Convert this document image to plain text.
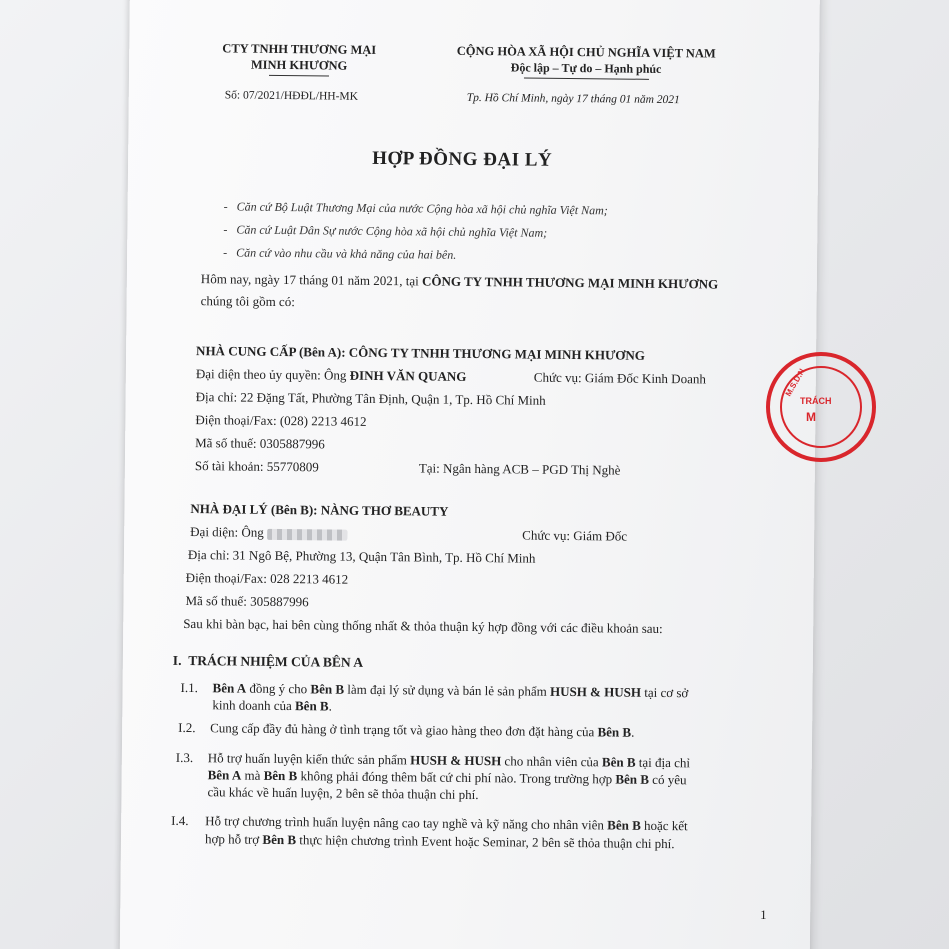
CTY TNHH THƯƠNG MẠI
MINH KHƯƠNG
CỘNG HÒA XÃ HỘI CHỦ NGHĨA VIỆT NAM
Độc lập – Tự do – Hạnh phúc
Số: 07/2021/HĐĐL/HH-MK	Tp. Hồ Chí Minh, ngày 17 tháng 01 năm 2021
HỢP ĐỒNG ĐẠI LÝ
-   Căn cứ Bộ Luật Thương Mại của nước Cộng hòa xã hội chủ nghĩa Việt Nam;
-   Căn cứ Luật Dân Sự nước Cộng hòa xã hội chủ nghĩa Việt Nam;
-   Căn cứ vào nhu cầu và khả năng của hai bên.
Hôm nay, ngày 17 tháng 01 năm 2021, tại CÔNG TY TNHH THƯƠNG MẠI MINH KHƯƠNG
chúng tôi gồm có:
NHÀ CUNG CẤP (Bên A): CÔNG TY TNHH THƯƠNG MẠI MINH KHƯƠNG
Đại diện theo ủy quyền: Ông ĐINH VĂN QUANG	Chức vụ: Giám Đốc Kinh Doanh
Địa chỉ: 22 Đặng Tất, Phường Tân Định, Quận 1, Tp. Hồ Chí Minh
Điện thoại/Fax: (028) 2213 4612
Mã số thuế: 0305887996
Số tài khoản: 55770809	Tại: Ngân hàng ACB – PGD Thị Nghè
NHÀ ĐẠI LÝ (Bên B): NÀNG THƠ BEAUTY
Đại diện: Ông	Chức vụ: Giám Đốc
Địa chỉ: 31 Ngô Bệ, Phường 13, Quận Tân Bình, Tp. Hồ Chí Minh
Điện thoại/Fax: 028 2213 4612
Mã số thuế: 305887996
Sau khi bàn bạc, hai bên cùng thống nhất & thỏa thuận ký hợp đồng với các điều khoản sau:
I. TRÁCH NHIỆM CỦA BÊN A
I.1. Bên A đồng ý cho Bên B làm đại lý sử dụng và bán lẻ sản phẩm HUSH & HUSH tại cơ sở
kinh doanh của Bên B.
I.2. Cung cấp đầy đủ hàng ở tình trạng tốt và giao hàng theo đơn đặt hàng của Bên B.
I.3. Hỗ trợ huấn luyện kiến thức sản phẩm HUSH & HUSH cho nhân viên của Bên B tại địa chỉ
Bên A mà Bên B không phải đóng thêm bất cứ chi phí nào. Trong trường hợp Bên B có yêu
cầu khác về huấn luyện, 2 bên sẽ thỏa thuận chi phí.
I.4. Hỗ trợ chương trình huấn luyện nâng cao tay nghề và kỹ năng cho nhân viên Bên B hoặc kết
hợp hỗ trợ Bên B thực hiện chương trình Event hoặc Seminar, 2 bên sẽ thỏa thuận chi phí.
1
M.S.D.N
TRÁCH
M
